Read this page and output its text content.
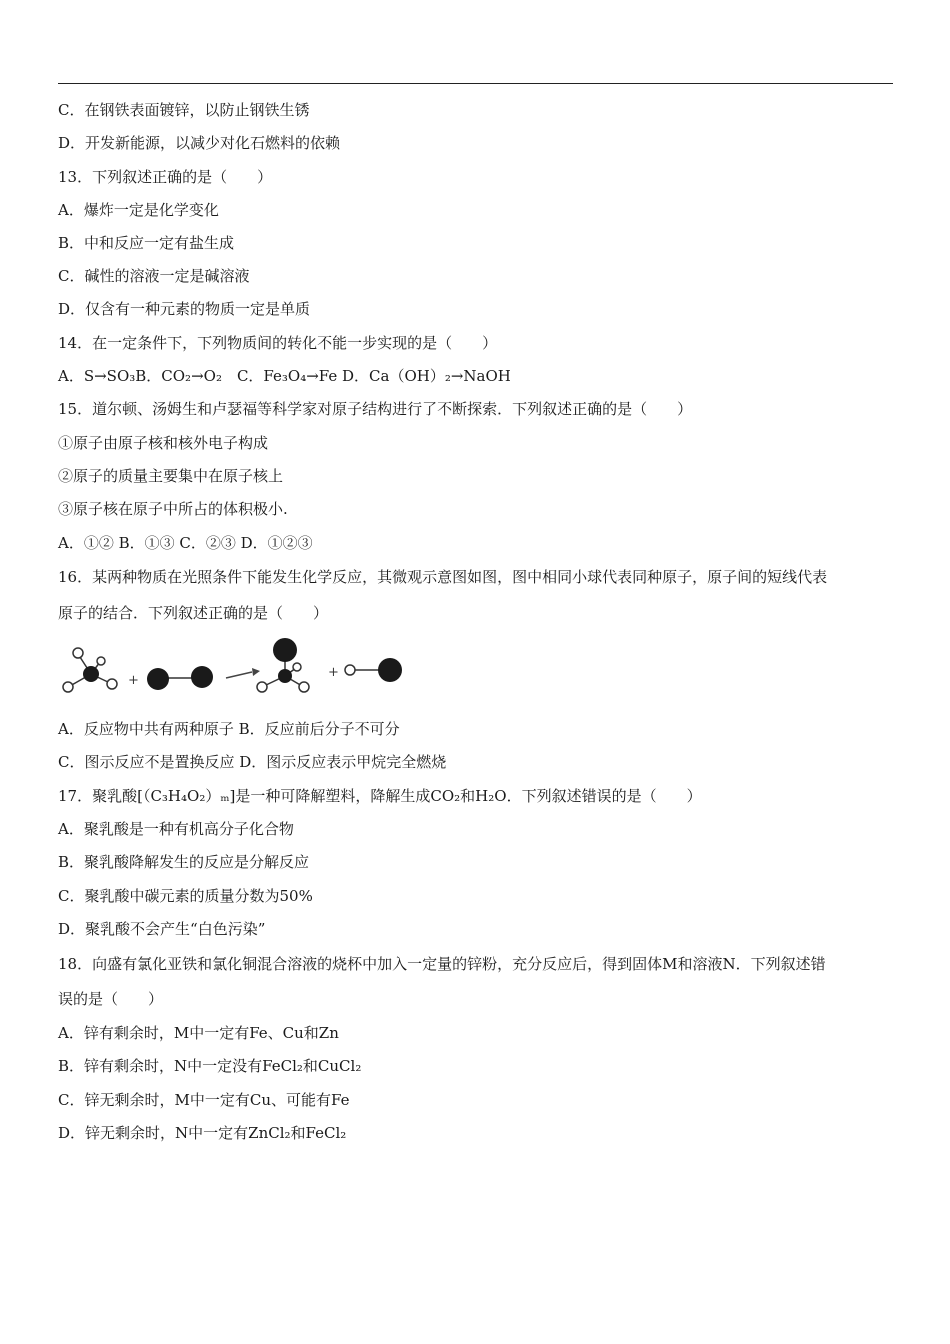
C．在钢铁表面镀锌，以防止钢铁生锈
D．开发新能源，以减少对化石燃料的依赖
13．下列叙述正确的是（　　）
A．爆炸一定是化学变化
B．中和反应一定有盐生成
C．碱性的溶液一定是碱溶液
D．仅含有一种元素的物质一定是单质
14．在一定条件下，下列物质间的转化不能一步实现的是（　　）
A．S→SO₃B．CO₂→O₂　C．Fe₃O₄→Fe D．Ca（OH）₂→NaOH
15．道尔顿、汤姆生和卢瑟福等科学家对原子结构进行了不断探索．下列叙述正确的是（　　）
①原子由原子核和核外电子构成
②原子的质量主要集中在原子核上
③原子核在原子中所占的体积极小.
A．①② B．①③ C．②③ D．①②③
16．某两种物质在光照条件下能发生化学反应，其微观示意图如图，图中相同小球代表同种原子，原子间的短线代表
原子的结合．下列叙述正确的是（　　）
+
+
A．反应物中共有两种原子 B．反应前后分子不可分
C．图示反应不是置换反应 D．图示反应表示甲烷完全燃烧
17．聚乳酸[（C₃H₄O₂）ₘ]是一种可降解塑料，降解生成CO₂和H₂O．下列叙述错误的是（　　）
A．聚乳酸是一种有机高分子化合物
B．聚乳酸降解发生的反应是分解反应
C．聚乳酸中碳元素的质量分数为50%
D．聚乳酸不会产生“白色污染”
18．向盛有氯化亚铁和氯化铜混合溶液的烧杯中加入一定量的锌粉，充分反应后，得到固体M和溶液N．下列叙述错
误的是（　　）
A．锌有剩余时，M中一定有Fe、Cu和Zn
B．锌有剩余时，N中一定没有FeCl₂和CuCl₂
C．锌无剩余时，M中一定有Cu、可能有Fe
D．锌无剩余时，N中一定有ZnCl₂和FeCl₂
